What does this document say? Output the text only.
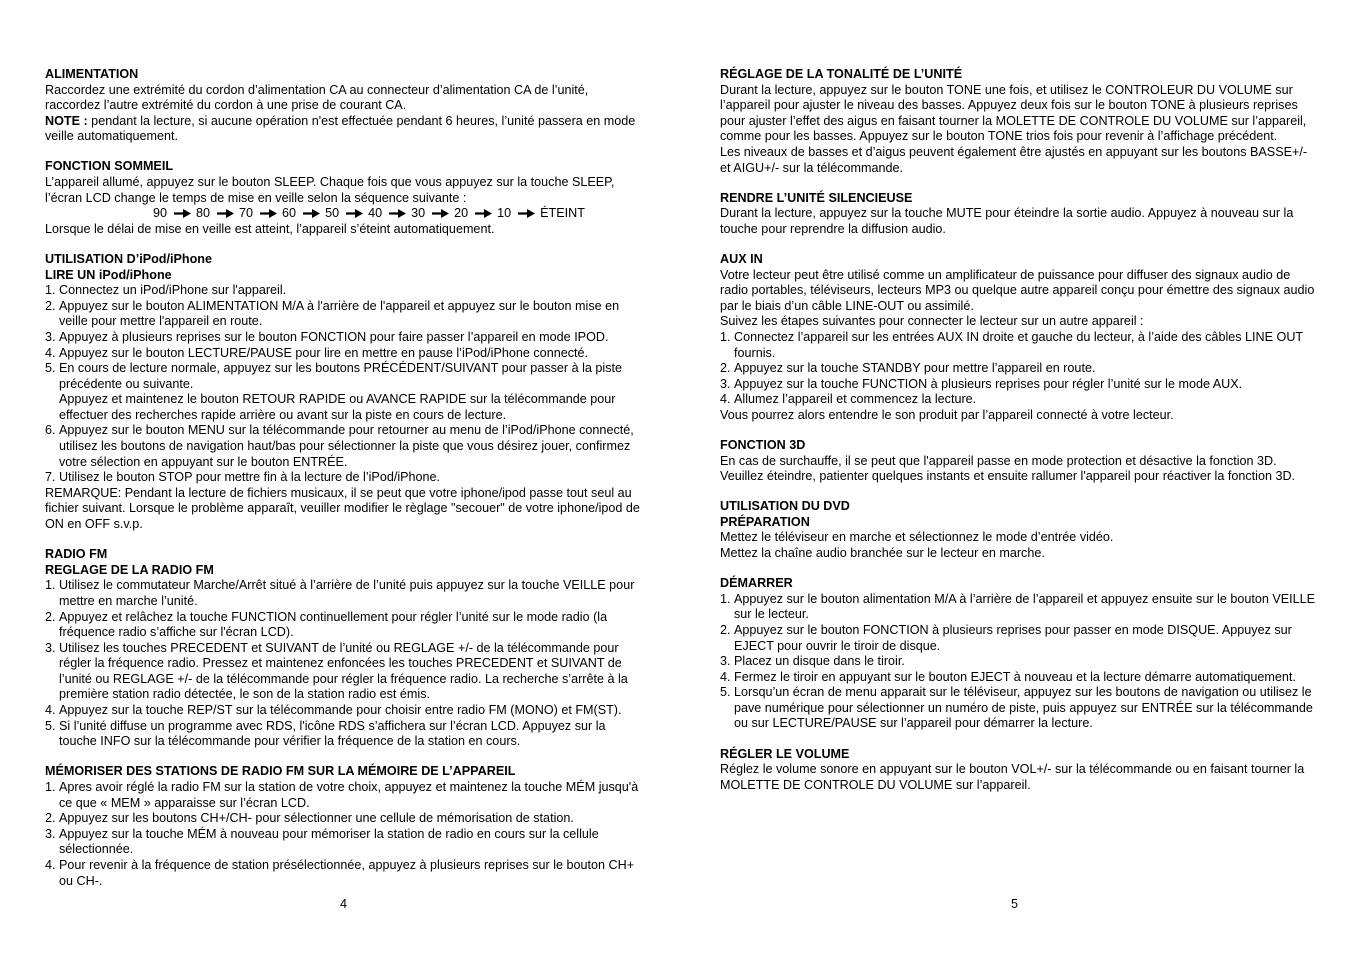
ALIMENTATION
Raccordez une extrémité du cordon d’alimentation CA au connecteur d’alimentation CA de l’unité, raccordez l’autre extrémité du cordon à une prise de courant CA.
NOTE : pendant la lecture, si aucune opération n'est effectuée pendant 6 heures, l’unité passera en mode veille automatiquement.
FONCTION SOMMEIL
L’appareil allumé, appuyez sur le bouton SLEEP. Chaque fois que vous appuyez sur la touche SLEEP, l’écran LCD change le temps de mise en veille selon la séquence suivante :
90 80 70 60 50 40 30 20 10 ÉTEINT
Lorsque le délai de mise en veille est atteint, l’appareil s’éteint automatiquement.
UTILISATION D’iPod/iPhone
LIRE UN iPod/iPhone
1. Connectez un iPod/iPhone sur l'appareil.
2. Appuyez sur le bouton ALIMENTATION M/A à l'arrière de l'appareil et appuyez sur le bouton mise en veille pour mettre l'appareil en route.
3. Appuyez à plusieurs reprises sur le bouton FONCTION pour faire passer l’appareil en mode IPOD.
4. Appuyez sur le bouton LECTURE/PAUSE pour lire en mettre en pause l’iPod/iPhone connecté.
5. En cours de lecture normale, appuyez sur les boutons PRÉCÉDENT/SUIVANT pour passer à la piste précédente ou suivante.
Appuyez et maintenez le bouton RETOUR RAPIDE ou AVANCE RAPIDE sur la télécommande pour effectuer des recherches rapide arrière ou avant sur la piste en cours de lecture.
6. Appuyez sur le bouton MENU sur la télécommande pour retourner au menu de l’iPod/iPhone connecté, utilisez les boutons de navigation haut/bas pour sélectionner la piste que vous désirez jouer, confirmez votre sélection en appuyant sur le bouton ENTRÉE.
7. Utilisez le bouton STOP pour mettre fin à la lecture de l’iPod/iPhone.
REMARQUE: Pendant la lecture de fichiers musicaux, il se peut que votre iphone/ipod passe tout seul au fichier suivant. Lorsque le problème apparaît, veuiller modifier le règlage "secouer" de votre iphone/ipod de ON en OFF s.v.p.
RADIO FM
REGLAGE DE LA RADIO FM
1. Utilisez le commutateur Marche/Arrêt situé à l’arrière de l’unité puis appuyez sur la touche VEILLE pour mettre en marche l’unité.
2. Appuyez et relâchez la touche FUNCTION continuellement pour régler l’unité sur le mode radio (la fréquence radio s’affiche sur l'écran LCD).
3. Utilisez les touches PRECEDENT et SUIVANT de l’unité ou REGLAGE +/- de la télécommande pour régler la fréquence radio. Pressez et maintenez enfoncées les touches PRECEDENT et SUIVANT de l’unité ou REGLAGE +/- de la télécommande pour régler la fréquence radio. La recherche s’arrête à la première station radio détectée, le son de la station radio est émis.
4. Appuyez sur la touche REP/ST sur la télécommande pour choisir entre radio FM (MONO) et FM(ST).
5. Si l’unité diffuse un programme avec RDS, l'icône RDS s’affichera sur l’écran LCD. Appuyez sur la touche INFO sur la télécommande pour vérifier la fréquence de la station en cours.
MÉMORISER DES STATIONS DE RADIO FM SUR LA MÉMOIRE DE L’APPAREIL
1. Apres avoir réglé la radio FM sur la station de votre choix, appuyez et maintenez la touche MÉM jusqu'à ce que « MEM » apparaisse sur l’écran LCD.
2. Appuyez sur les boutons CH+/CH- pour sélectionner une cellule de mémorisation de station.
3. Appuyez sur la touche MÉM à nouveau pour mémoriser la station de radio en cours sur la cellule sélectionnée.
4. Pour revenir à la fréquence de station présélectionnée, appuyez à plusieurs reprises sur le bouton CH+ ou CH-.
RÉGLAGE DE LA TONALITÉ DE L’UNITÉ
Durant la lecture, appuyez sur le bouton TONE une fois, et utilisez le CONTROLEUR DU VOLUME sur l’appareil pour ajuster le niveau des basses. Appuyez deux fois sur le bouton TONE à plusieurs reprises pour ajuster l’effet des aigus en faisant tourner la MOLETTE DE CONTROLE DU VOLUME sur l’appareil, comme pour les basses. Appuyez sur le bouton TONE trios fois pour revenir à l’affichage précédent.
Les niveaux de basses et d’aigus peuvent également être ajustés en appuyant sur les boutons BASSE+/- et AIGU+/- sur la télécommande.
RENDRE L’UNITÉ SILENCIEUSE
Durant la lecture, appuyez sur la touche MUTE pour éteindre la sortie audio. Appuyez à nouveau sur la touche pour reprendre la diffusion audio.
AUX IN
Votre lecteur peut être utilisé comme un amplificateur de puissance pour diffuser des signaux audio de radio portables, téléviseurs, lecteurs MP3 ou quelque autre appareil conçu pour émettre des signaux audio par le biais d’un câble LINE-OUT ou assimilé.
Suivez les étapes suivantes pour connecter le lecteur sur un autre appareil :
1. Connectez l’appareil sur les entrées AUX IN droite et gauche du lecteur, à l’aide des câbles LINE OUT fournis.
2. Appuyez sur la touche STANDBY pour mettre l’appareil en route.
3. Appuyez sur la touche FUNCTION à plusieurs reprises pour régler l’unité sur le mode AUX.
4. Allumez l’appareil et commencez la lecture.
Vous pourrez alors entendre le son produit par l’appareil connecté à votre lecteur.
FONCTION 3D
En cas de surchauffe, il se peut que l'appareil passe en mode protection et désactive la fonction 3D.
Veuillez éteindre, patienter quelques instants et ensuite rallumer l'appareil pour réactiver la fonction 3D.
UTILISATION DU DVD
PRÉPARATION
Mettez le téléviseur en marche et sélectionnez le mode d’entrée vidéo.
Mettez la chaîne audio branchée sur le lecteur en marche.
DÉMARRER
1. Appuyez sur le bouton alimentation M/A à l’arrière de l’appareil et appuyez ensuite sur le bouton VEILLE sur le lecteur.
2. Appuyez sur le bouton FONCTION à plusieurs reprises pour passer en mode DISQUE. Appuyez sur EJECT pour ouvrir le tiroir de disque.
3. Placez un disque dans le tiroir.
4. Fermez le tiroir en appuyant sur le bouton EJECT à nouveau et la lecture démarre automatiquement.
5. Lorsqu’un écran de menu apparait sur le téléviseur, appuyez sur les boutons de navigation ou utilisez le pave numérique pour sélectionner un numéro de piste, puis appuyez sur ENTRÉE sur la télécommande ou sur LECTURE/PAUSE sur l’appareil pour démarrer la lecture.
RÉGLER LE VOLUME
Réglez le volume sonore en appuyant sur le bouton VOL+/- sur la télécommande ou en faisant tourner la MOLETTE DE CONTROLE DU VOLUME sur l’appareil.
4	5
